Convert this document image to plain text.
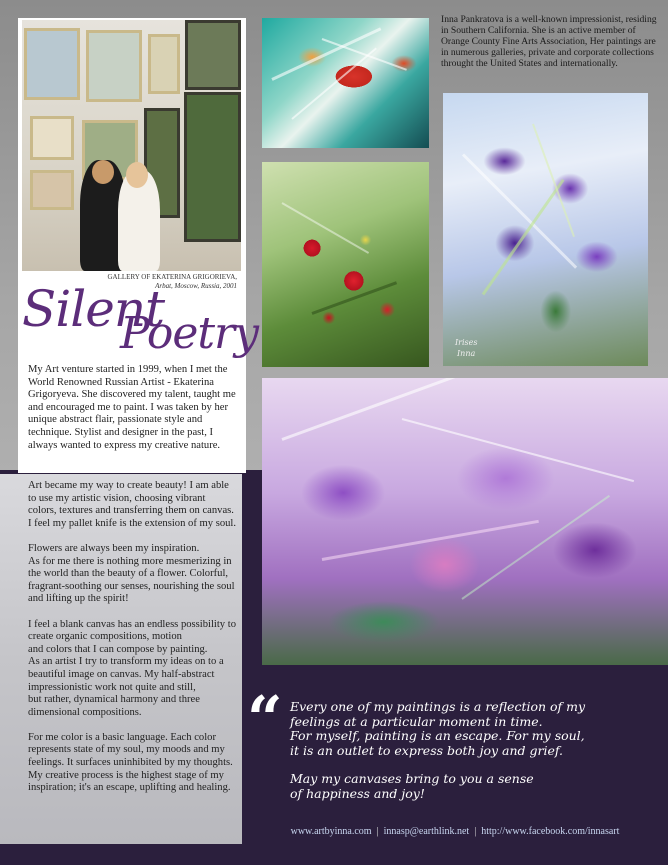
GALLERY OF EKATERINA GRIGORIEVA,
Arbat, Moscow, Russia, 2001
Silent
Poetry
My Art venture started in 1999, when I met the World Renowned Russian Artist - Ekaterina Grigoryeva. She discovered my talent, taught me and encouraged me to paint. I was taken by her unique abstract flair, passionate style and technique. Stylist and designer in the past, I always wanted to express my creative nature.

Art became my way to create beauty! I am able to use my artistic vision, choosing vibrant colors, textures and transferring them on canvas. I feel my pallet knife is the extension of my soul.

Flowers are always been my inspiration.
As for me there is nothing more mesmerizing in the world than the beauty of a flower. Colorful, fragrant-soothing our senses, nourishing the soul and lifting up the spirit!

I feel a blank canvas has an endless possibility to create organic compositions, motion
and colors that I can compose by painting.
As an artist I try to transform my ideas on to a beautiful image on canvas. My half-abstract impressionistic work not quite and still,
but rather, dynamical harmony and three dimensional compositions.

For me color is a basic language. Each color represents state of my soul, my moods and my feelings. It surfaces uninhibited by my thoughts. My creative process is the highest stage of my inspiration; it's an escape, uplifting and healing.

Inna Pankratova is a well-known impressionist, residing in Southern California. She is an active member of Orange County Fine Arts Association, Her paintings are in numerous galleries, private and corporate collections throught the United States and internationally.
Irises
Inna
“ Every one of my paintings is a reflection of my feelings at a particular moment in time.
For myself, painting is an escape. For my soul,
it is an outlet to express both joy and grief.

May my canvases bring to you a sense
of happiness and joy!

www.artbyinna.com | innasp@earthlink.net | http://www.facebook.com/innasart
